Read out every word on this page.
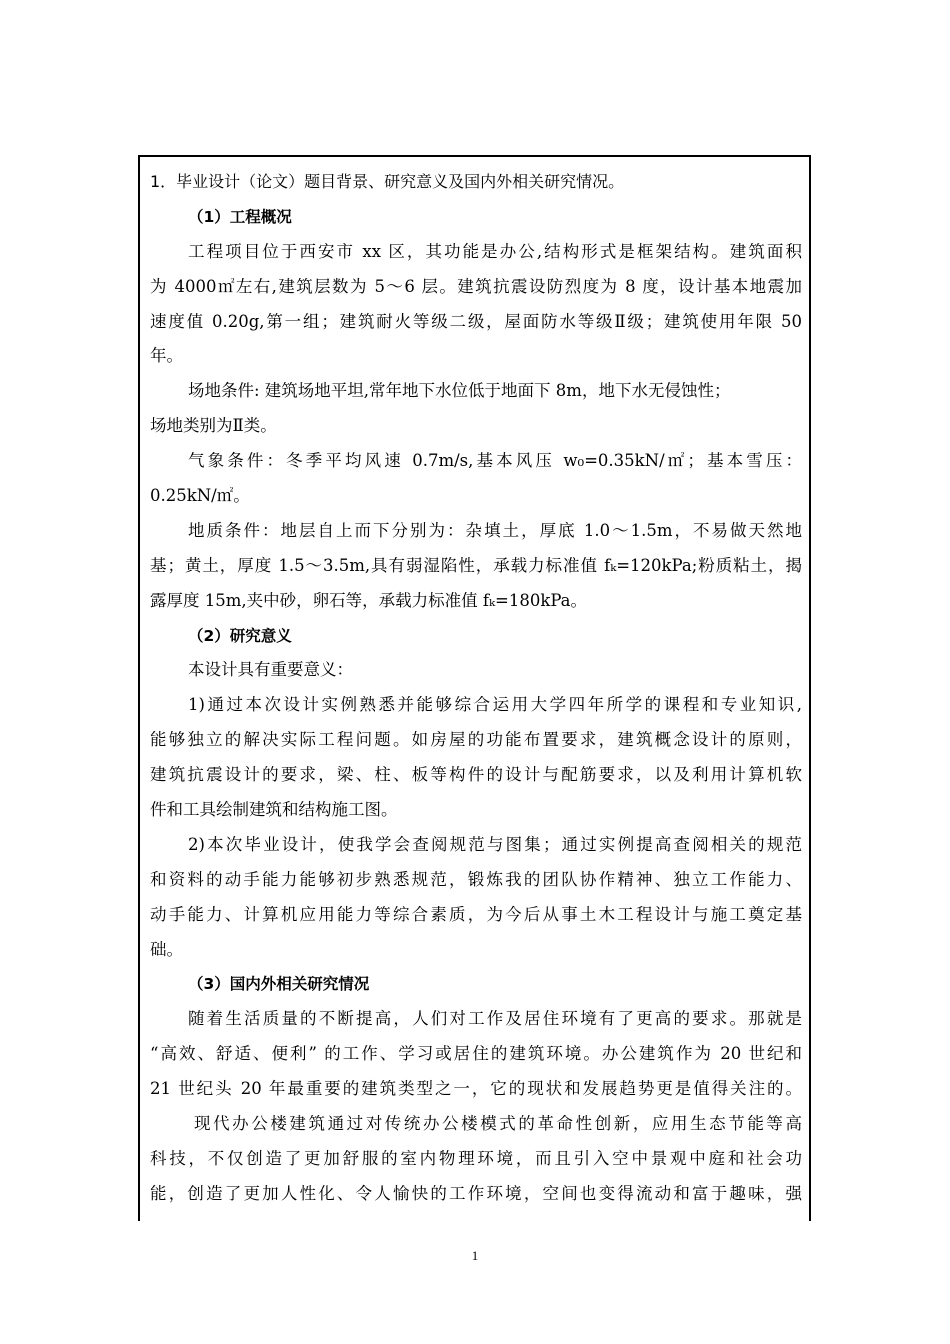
1．毕业设计（论文）题目背景、研究意义及国内外相关研究情况。
（1）工程概况
工程项目位于西安市 xx 区，其功能是办公,结构形式是框架结构。建筑面积
为 4000㎡左右,建筑层数为 5～6 层。建筑抗震设防烈度为 8 度，设计基本地震加
速度值 0.20g,第一组；建筑耐火等级二级，屋面防水等级Ⅱ级；建筑使用年限 50
年。
场地条件: 建筑场地平坦,常年地下水位低于地面下 8m，地下水无侵蚀性；
场地类别为Ⅱ类。
气象条件：冬季平均风速 0.7m/s,基本风压 w₀=0.35kN/㎡；基本雪压：
0.25kN/㎡。
地质条件：地层自上而下分别为：杂填土，厚底 1.0～1.5m，不易做天然地
基；黄土，厚度 1.5～3.5m,具有弱湿陷性，承载力标准值 fₖ=120kPa;粉质粘土，揭
露厚度 15m,夹中砂，卵石等，承载力标准值 fₖ=180kPa。
（2）研究意义
本设计具有重要意义：
1)通过本次设计实例熟悉并能够综合运用大学四年所学的课程和专业知识,
能够独立的解决实际工程问题。如房屋的功能布置要求，建筑概念设计的原则，
建筑抗震设计的要求，梁、柱、板等构件的设计与配筋要求，以及利用计算机软
件和工具绘制建筑和结构施工图。
2)本次毕业设计，使我学会查阅规范与图集；通过实例提高查阅相关的规范
和资料的动手能力能够初步熟悉规范，锻炼我的团队协作精神、独立工作能力、
动手能力、计算机应用能力等综合素质，为今后从事土木工程设计与施工奠定基
础。
（3）国内外相关研究情况
随着生活质量的不断提高，人们对工作及居住环境有了更高的要求。那就是
“高效、舒适、便利” 的工作、学习或居住的建筑环境。办公建筑作为 20 世纪和
21 世纪头 20 年最重要的建筑类型之一，它的现状和发展趋势更是值得关注的。
现代办公楼建筑通过对传统办公楼模式的革命性创新，应用生态节能等高
科技，不仅创造了更加舒服的室内物理环境，而且引入空中景观中庭和社会功
能，创造了更加人性化、令人愉快的工作环境，空间也变得流动和富于趣味，强
1
